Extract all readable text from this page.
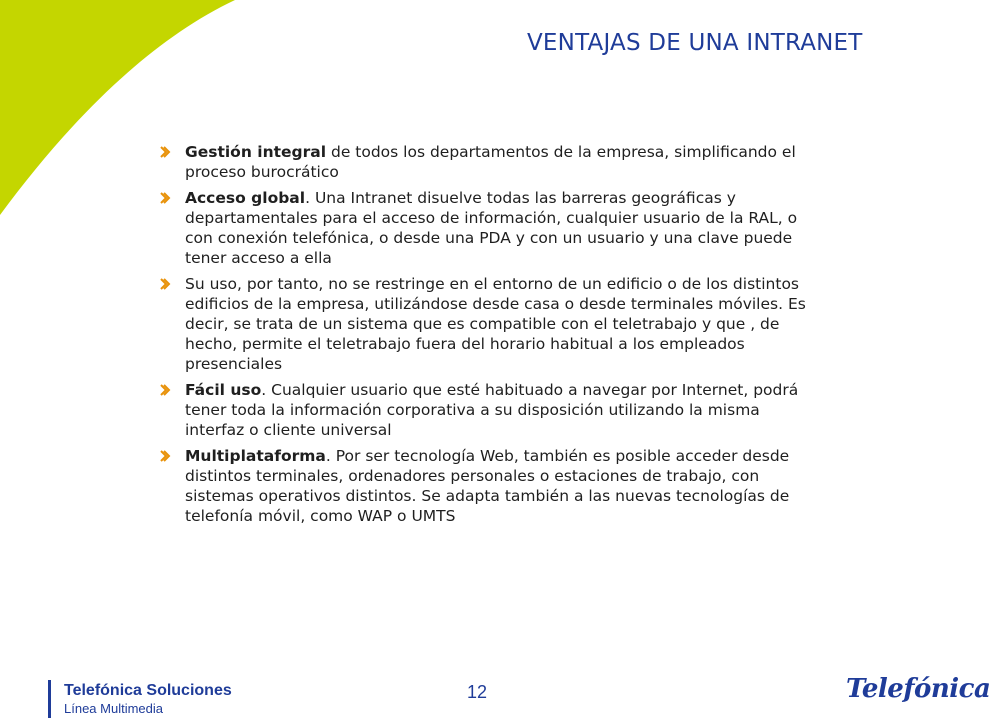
VENTAJAS DE UNA INTRANET
Gestión integral de todos los departamentos de la empresa, simplificando el proceso burocrático
Acceso global. Una Intranet disuelve todas las barreras geográficas y departamentales para el acceso de información, cualquier usuario de la RAL, o con conexión telefónica, o desde una PDA y con un usuario y una clave puede tener acceso a ella
Su uso, por tanto, no se restringe en el entorno de un edificio o de los distintos edificios de la empresa, utilizándose desde casa o desde terminales móviles. Es decir, se trata de un sistema que es compatible con el teletrabajo y que , de hecho, permite el teletrabajo fuera del horario habitual a los empleados presenciales
Fácil uso. Cualquier usuario que esté habituado a navegar por Internet, podrá tener toda la información corporativa a su disposición utilizando la misma interfaz o cliente universal
Multiplataforma. Por ser tecnología Web, también es posible acceder desde distintos terminales, ordenadores personales o estaciones de trabajo, con sistemas operativos distintos. Se adapta también a las nuevas tecnologías de telefonía móvil, como WAP o UMTS
Telefónica Soluciones
Línea Multimedia
12	Telefónica
